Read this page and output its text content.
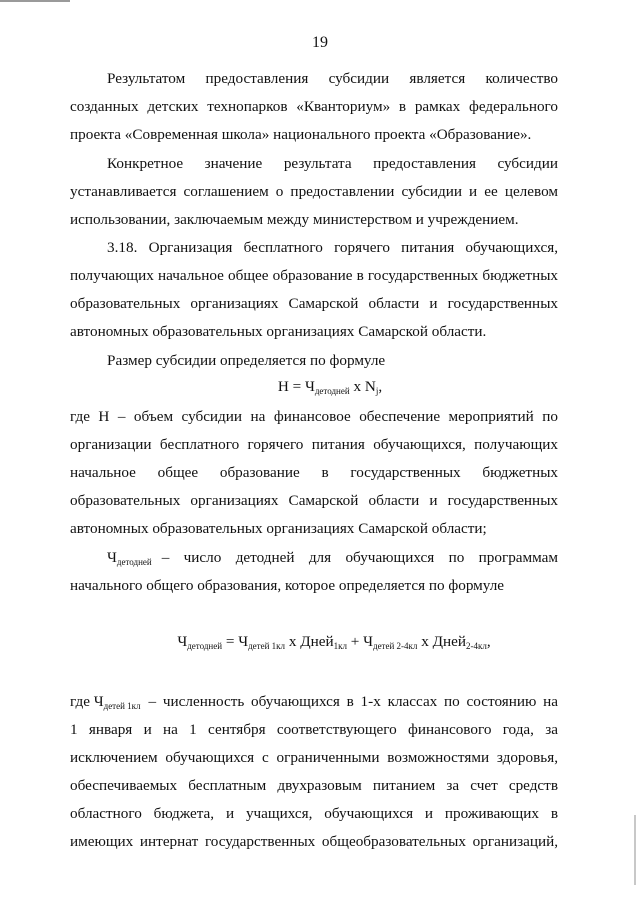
19
Результатом предоставления субсидии является количество
созданных детских технопарков «Кванториум» в рамках федерального
проекта «Современная школа» национального проекта «Образование».
Конкретное значение результата предоставления субсидии
устанавливается соглашением о предоставлении субсидии и ее целевом
использовании, заключаемым между министерством и учреждением.
3.18. Организация бесплатного горячего питания обучающихся,
получающих начальное общее образование в государственных бюджетных
образовательных организациях Самарской области и государственных
автономных образовательных организациях Самарской области.
Размер субсидии определяется по формуле
$Н = Ч_{детодней}$ x $N_j$,
где Н – объем субсидии на финансовое обеспечение мероприятий по
организации бесплатного горячего питания обучающихся, получающих
начальное общее образование в государственных бюджетных
образовательных организациях Самарской области и государственных
автономных образовательных организациях Самарской области;
$Ч_{детодней}$ – число детодней для обучающихся по программам
начального общего образования, которое определяется по формуле
$Ч_{детодней} = Ч_{детей 1кл}$ x Дней$_{1кл}$ + $Ч_{детей 2-4кл}$ x Дней$_{2-4кл}$,
где $Ч_{детей 1кл}$ – численность обучающихся в 1-х классах по состоянию на
1 января и на 1 сентября соответствующего финансового года, за
исключением обучающихся с ограниченными возможностями здоровья,
обеспечиваемых бесплатным двухразовым питанием за счет средств
областного бюджета, и учащихся, обучающихся и проживающих в
имеющих интернат государственных общеобразовательных организаций,
